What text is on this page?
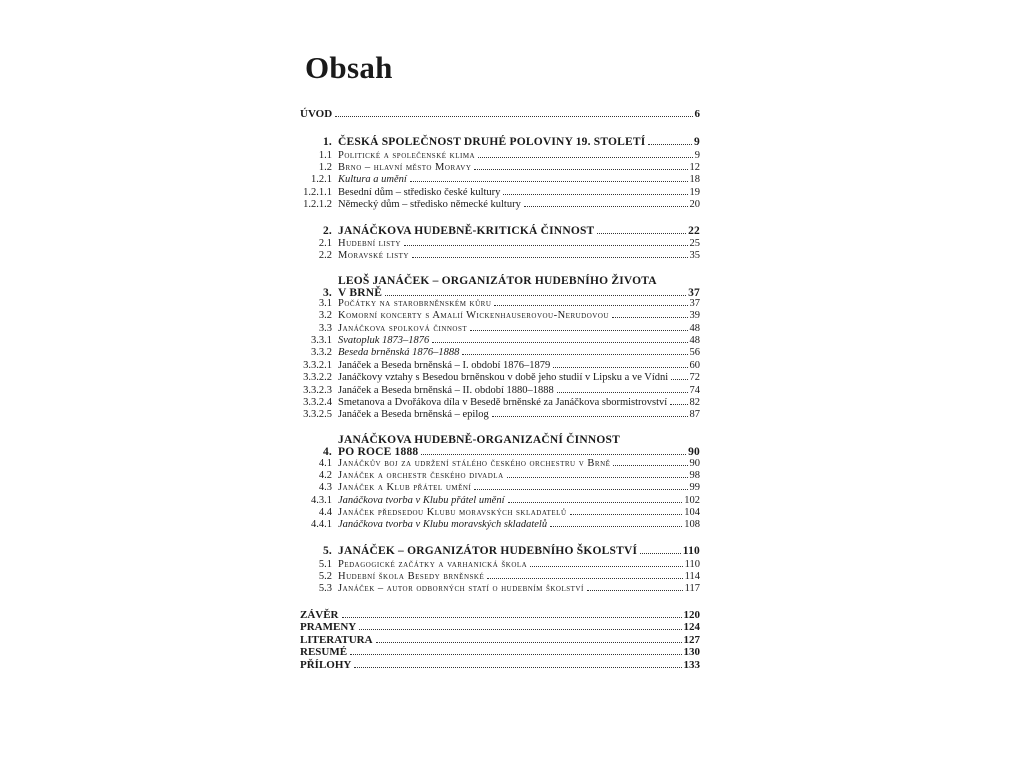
Obsah
ÚVOD	6
1. ČESKÁ SPOLEČNOST DRUHÉ POLOVINY 19. STOLETÍ	9
1.1 Politické a společenské klima	9
1.2 Brno – hlavní město Moravy	12
1.2.1 Kultura a umění	18
1.2.1.1 Besední dům – středisko české kultury	19
1.2.1.2 Německý dům – středisko německé kultury	20
2. JANÁČKOVA HUDEBNĚ-KRITICKÁ ČINNOST	22
2.1 Hudební listy	25
2.2 Moravské listy	35
LEOŠ JANÁČEK – ORGANIZÁTOR HUDEBNÍHO ŽIVOTA
3. V BRNĚ	37
3.1 Počátky na starobrněnském kůru	37
3.2 Komorní koncerty s Amalií Wickenhauserovou-Nerudovou	39
3.3 Janáčkova spolková činnost	48
3.3.1 Svatopluk 1873–1876	48
3.3.2 Beseda brněnská 1876–1888	56
3.3.2.1 Janáček a Beseda brněnská – I. období 1876–1879	60
3.3.2.2 Janáčkovy vztahy s Besedou brněnskou v době jeho studií v Lipsku a ve Vídni 72
3.3.2.3 Janáček a Beseda brněnská – II. období 1880–1888	74
3.3.2.4 Smetanova a Dvořákova díla v Besedě brněnské za Janáčkova sbormistrovství 82
3.3.2.5 Janáček a Beseda brněnská – epilog	87
JANÁČKOVA HUDEBNĚ-ORGANIZAČNÍ ČINNOST
4. PO ROCE 1888	90
4.1 Janáčkův boj za udržení stálého českého orchestru v Brně	90
4.2 Janáček a orchestr českého divadla	98
4.3 Janáček a Klub přátel umění	99
4.3.1 Janáčkova tvorba v Klubu přátel umění	102
4.4 Janáček předsedou Klubu moravských skladatelů	104
4.4.1 Janáčkova tvorba v Klubu moravských skladatelů	108
5. JANÁČEK – ORGANIZÁTOR HUDEBNÍHO ŠKOLSTVÍ	110
5.1 Pedagogické začátky a varhanická škola	110
5.2 Hudební škola Besedy brněnské	114
5.3 Janáček – autor odborných statí o hudebním školství	117
ZÁVĚR	120
PRAMENY	124
LITERATURA	127
RESUMÉ	130
PŘÍLOHY	133
